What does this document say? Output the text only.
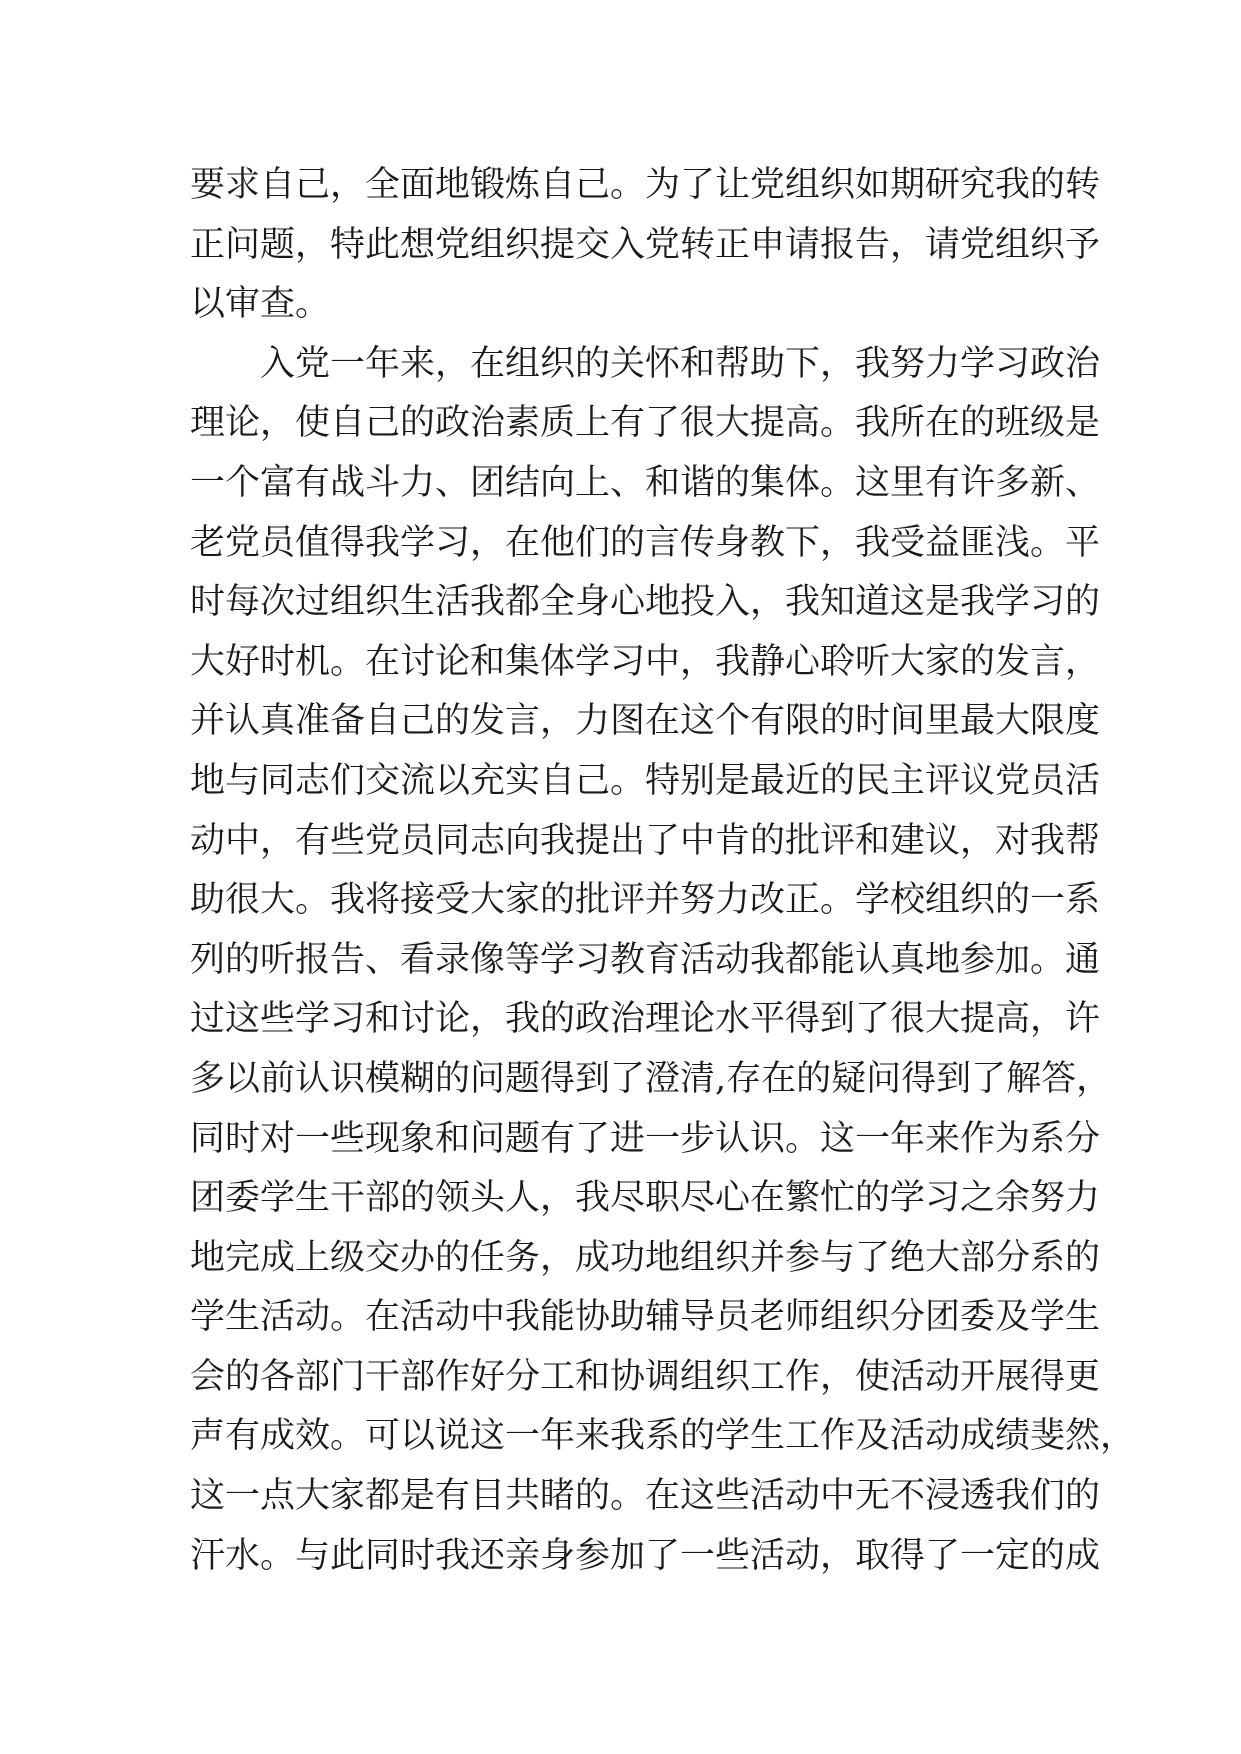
要求自己，全面地锻炼自己。为了让党组织如期研究我的转
正问题，特此想党组织提交入党转正申请报告，请党组织予
以审查。
入党一年来，在组织的关怀和帮助下，我努力学习政治
理论，使自己的政治素质上有了很大提高。我所在的班级是
一个富有战斗力、团结向上、和谐的集体。这里有许多新、
老党员值得我学习，在他们的言传身教下，我受益匪浅。平
时每次过组织生活我都全身心地投入，我知道这是我学习的
大好时机。在讨论和集体学习中，我静心聆听大家的发言，
并认真准备自己的发言，力图在这个有限的时间里最大限度
地与同志们交流以充实自己。特别是最近的民主评议党员活
动中，有些党员同志向我提出了中肯的批评和建议，对我帮
助很大。我将接受大家的批评并努力改正。学校组织的一系
列的听报告、看录像等学习教育活动我都能认真地参加。通
过这些学习和讨论，我的政治理论水平得到了很大提高，许
多以前认识模糊的问题得到了澄清,存在的疑问得到了解答，
同时对一些现象和问题有了进一步认识。这一年来作为系分
团委学生干部的领头人，我尽职尽心在繁忙的学习之余努力
地完成上级交办的任务，成功地组织并参与了绝大部分系的
学生活动。在活动中我能协助辅导员老师组织分团委及学生
会的各部门干部作好分工和协调组织工作，使活动开展得更
声有成效。可以说这一年来我系的学生工作及活动成绩斐然，
这一点大家都是有目共睹的。在这些活动中无不浸透我们的
汗水。与此同时我还亲身参加了一些活动，取得了一定的成
